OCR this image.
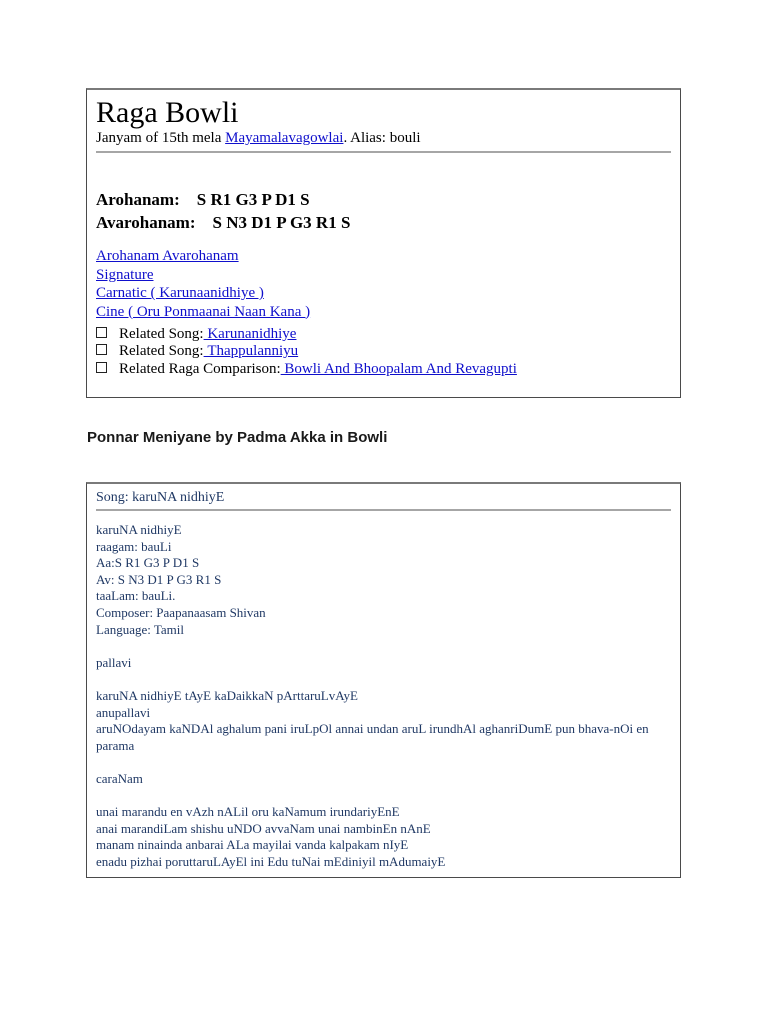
Raga Bowli
Janyam of 15th mela Mayamalavagowlai. Alias: bouli
Arohanam: S R1 G3 P D1 S
Avarohanam: S N3 D1 P G3 R1 S
Arohanam Avarohanam
Signature
Carnatic ( Karunaanidhiye )
Cine ( Oru Ponmaanai Naan Kana )
Related Song: Karunanidhiye
Related Song: Thappulanniyu
Related Raga Comparison: Bowli And Bhoopalam And Revagupti
Ponnar Meniyane by Padma Akka in Bowli
Song: karuNA nidhiyE
karuNA nidhiyE
raagam: bauLi
Aa:S R1 G3 P D1 S
Av: S N3 D1 P G3 R1 S
taaLam: bauLi.
Composer: Paapanaasam Shivan
Language: Tamil

pallavi

karuNA nidhiyE tAyE kaDaikkaN pArttaruLvAyE
anupallavi
aruNOdayam kaNDAl aghalum pani iruLpOl annai undan aruL irundhAl aghanriDumE pun bhava-nOi en parama

caraNam

unai marandu en vAzh nALil oru kaNamum irundariyEnE
anai marandiLam shishu uNDO avvaNam unai nambinEn nAnE
manam ninainda anbarai ALa mayilai vanda kalpakam nIyE
enadu pizhai poruttaruLAyEl ini Edu tuNai mEdiniyil mAdumaiyE
